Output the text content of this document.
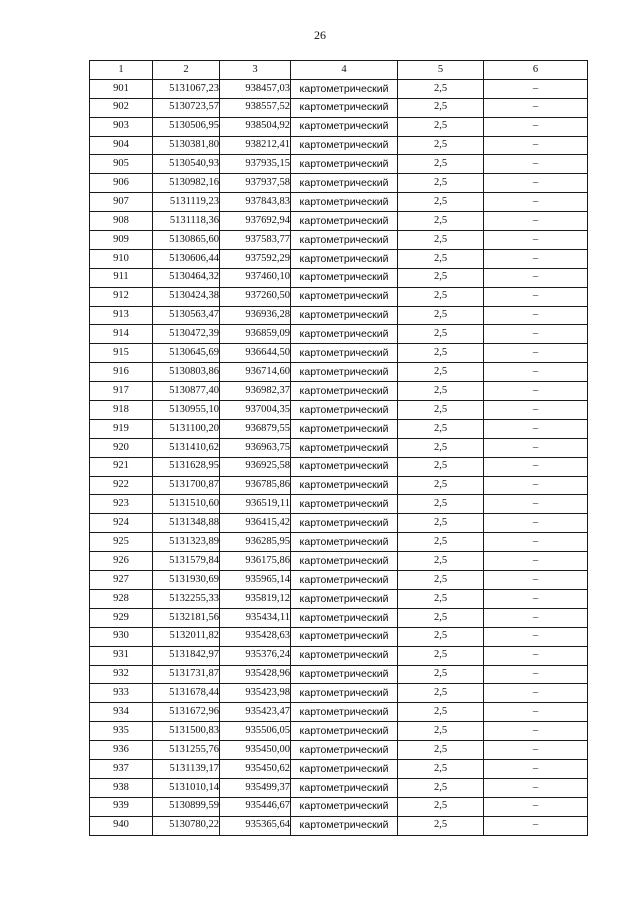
26
1	2	3	4	5	6
901	5131067,23	938457,03	картометрический	2,5	–
902	5130723,57	938557,52	картометрический	2,5	–
903	5130506,95	938504,92	картометрический	2,5	–
904	5130381,80	938212,41	картометрический	2,5	–
905	5130540,93	937935,15	картометрический	2,5	–
906	5130982,16	937937,58	картометрический	2,5	–
907	5131119,23	937843,83	картометрический	2,5	–
908	5131118,36	937692,94	картометрический	2,5	–
909	5130865,60	937583,77	картометрический	2,5	–
910	5130606,44	937592,29	картометрический	2,5	–
911	5130464,32	937460,10	картометрический	2,5	–
912	5130424,38	937260,50	картометрический	2,5	–
913	5130563,47	936936,28	картометрический	2,5	–
914	5130472,39	936859,09	картометрический	2,5	–
915	5130645,69	936644,50	картометрический	2,5	–
916	5130803,86	936714,60	картометрический	2,5	–
917	5130877,40	936982,37	картометрический	2,5	–
918	5130955,10	937004,35	картометрический	2,5	–
919	5131100,20	936879,55	картометрический	2,5	–
920	5131410,62	936963,75	картометрический	2,5	–
921	5131628,95	936925,58	картометрический	2,5	–
922	5131700,87	936785,86	картометрический	2,5	–
923	5131510,60	936519,11	картометрический	2,5	–
924	5131348,88	936415,42	картометрический	2,5	–
925	5131323,89	936285,95	картометрический	2,5	–
926	5131579,84	936175,86	картометрический	2,5	–
927	5131930,69	935965,14	картометрический	2,5	–
928	5132255,33	935819,12	картометрический	2,5	–
929	5132181,56	935434,11	картометрический	2,5	–
930	5132011,82	935428,63	картометрический	2,5	–
931	5131842,97	935376,24	картометрический	2,5	–
932	5131731,87	935428,96	картометрический	2,5	–
933	5131678,44	935423,98	картометрический	2,5	–
934	5131672,96	935423,47	картометрический	2,5	–
935	5131500,83	935506,05	картометрический	2,5	–
936	5131255,76	935450,00	картометрический	2,5	–
937	5131139,17	935450,62	картометрический	2,5	–
938	5131010,14	935499,37	картометрический	2,5	–
939	5130899,59	935446,67	картометрический	2,5	–
940	5130780,22	935365,64	картометрический	2,5	–
